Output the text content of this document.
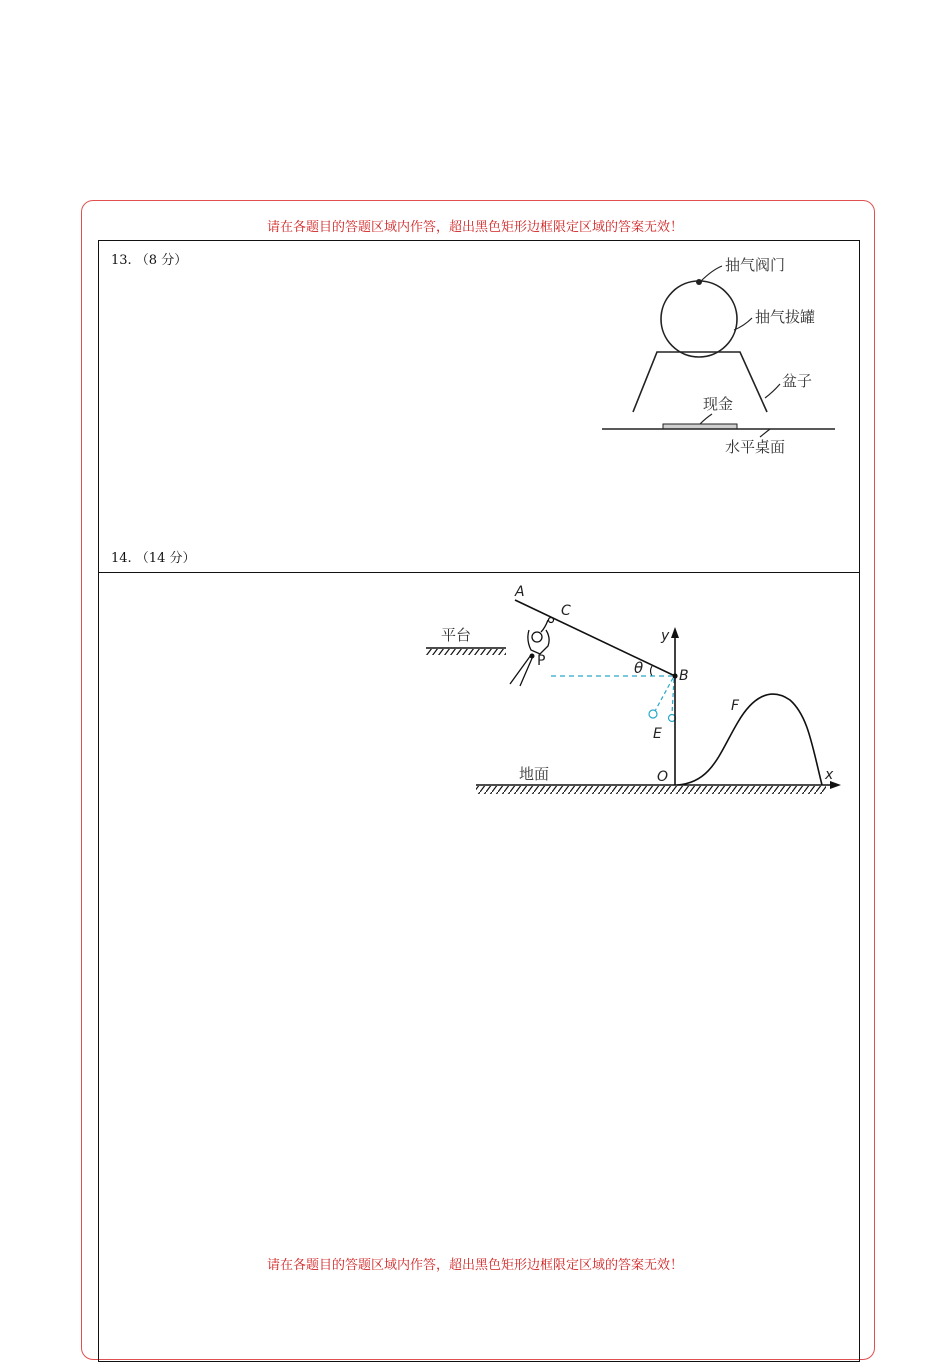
请在各题目的答题区域内作答，超出黑色矩形边框限定区域的答案无效！
13. （8 分）
14. （14 分）
抽气阀门
抽气拔罐
盆子
现金
水平桌面
平台
A
C
P	θ	B
y
E
F
地面	x
O
请在各题目的答题区域内作答，超出黑色矩形边框限定区域的答案无效！
